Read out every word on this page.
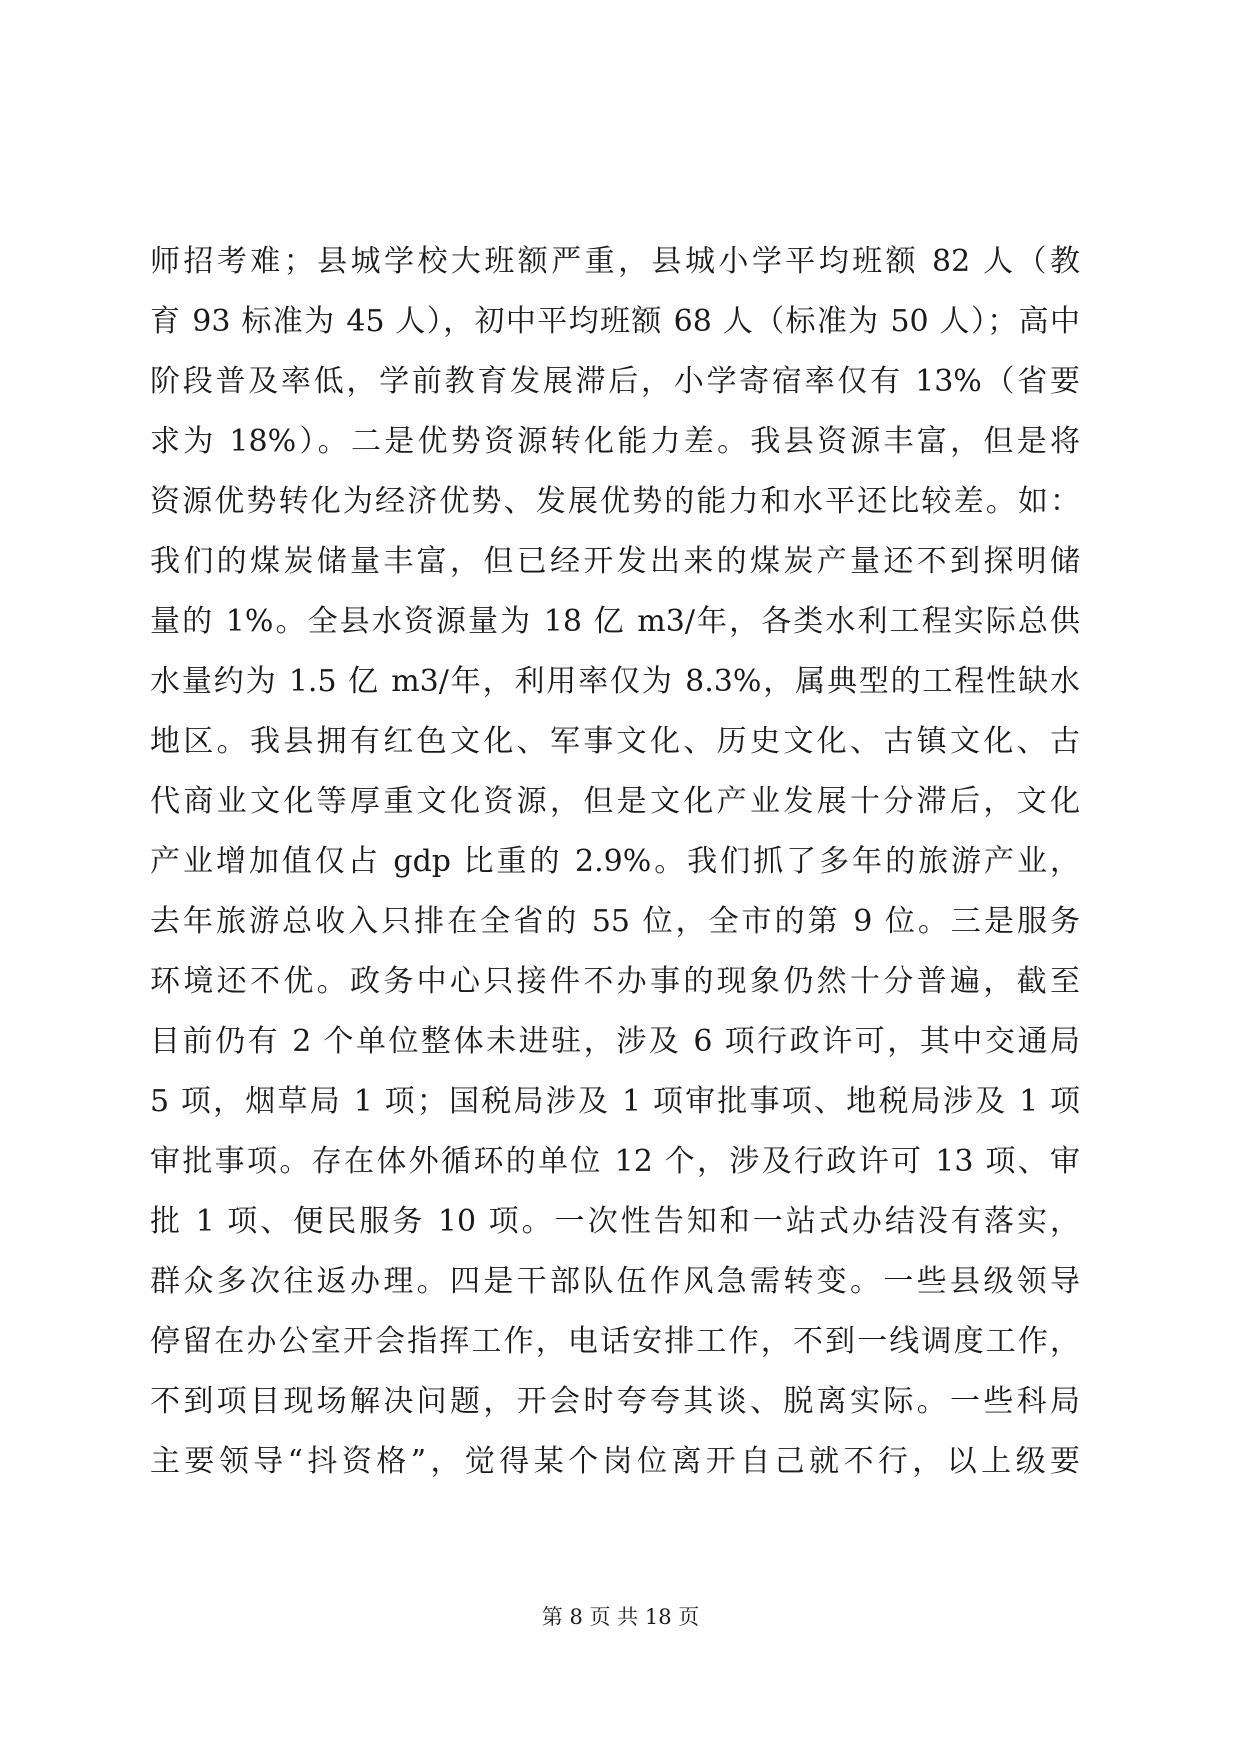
师招考难；县城学校大班额严重，县城小学平均班额 82 人（教
育 93 标准为 45 人），初中平均班额 68 人（标准为 50 人）；高中
阶段普及率低，学前教育发展滞后，小学寄宿率仅有 13%（省要
求为 18%）。二是优势资源转化能力差。我县资源丰富，但是将
资源优势转化为经济优势、发展优势的能力和水平还比较差。如：
我们的煤炭储量丰富，但已经开发出来的煤炭产量还不到探明储
量的 1%。全县水资源量为 18 亿 m3/年，各类水利工程实际总供
水量约为 1.5 亿 m3/年，利用率仅为 8.3%，属典型的工程性缺水
地区。我县拥有红色文化、军事文化、历史文化、古镇文化、古
代商业文化等厚重文化资源，但是文化产业发展十分滞后，文化
产业增加值仅占 gdp 比重的 2.9%。我们抓了多年的旅游产业，
去年旅游总收入只排在全省的 55 位，全市的第 9 位。三是服务
环境还不优。政务中心只接件不办事的现象仍然十分普遍，截至
目前仍有 2 个单位整体未进驻，涉及 6 项行政许可，其中交通局
5 项，烟草局 1 项；国税局涉及 1 项审批事项、地税局涉及 1 项
审批事项。存在体外循环的单位 12 个，涉及行政许可 13 项、审
批 1 项、便民服务 10 项。一次性告知和一站式办结没有落实，
群众多次往返办理。四是干部队伍作风急需转变。一些县级领导
停留在办公室开会指挥工作，电话安排工作，不到一线调度工作，
不到项目现场解决问题，开会时夸夸其谈、脱离实际。一些科局
主要领导“抖资格”，觉得某个岗位离开自己就不行，以上级要
第 8 页 共 18 页
